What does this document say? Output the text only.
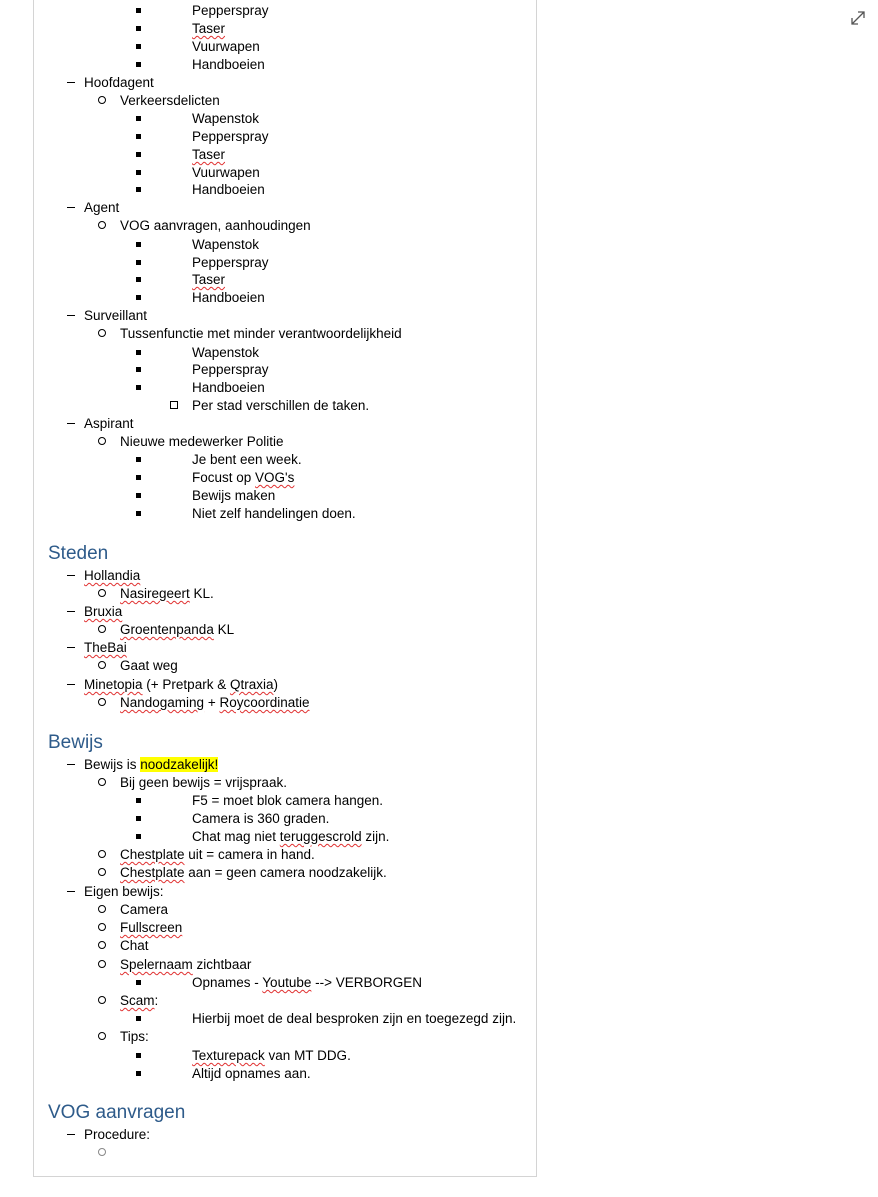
Pepperspray
Taser
Vuurwapen
Handboeien
Hoofdagent
Verkeersdelicten
Wapenstok
Pepperspray
Taser
Vuurwapen
Handboeien
Agent
VOG aanvragen, aanhoudingen
Wapenstok
Pepperspray
Taser
Handboeien
Surveillant
Tussenfunctie met minder verantwoordelijkheid
Wapenstok
Pepperspray
Handboeien
Per stad verschillen de taken.
Aspirant
Nieuwe medewerker Politie
Je bent een week.
Focust op VOG's
Bewijs maken
Niet zelf handelingen doen.
Steden
Hollandia
Nasiregeert KL.
Bruxia
Groentenpanda KL
TheBai
Gaat weg
Minetopia (+ Pretpark & Qtraxia)
Nandogaming + Roycoordinatie
Bewijs
Bewijs is noodzakelijk!
Bij geen bewijs = vrijspraak.
F5 = moet blok camera hangen.
Camera is 360 graden.
Chat mag niet teruggescrold zijn.
Chestplate uit = camera in hand.
Chestplate aan = geen camera noodzakelijk.
Eigen bewijs:
Camera
Fullscreen
Chat
Spelernaam zichtbaar
Opnames - Youtube --> VERBORGEN
Scam:
Hierbij moet de deal besproken zijn en toegezegd zijn.
Tips:
Texturepack van MT DDG.
Altijd opnames aan.
VOG aanvragen
Procedure:
